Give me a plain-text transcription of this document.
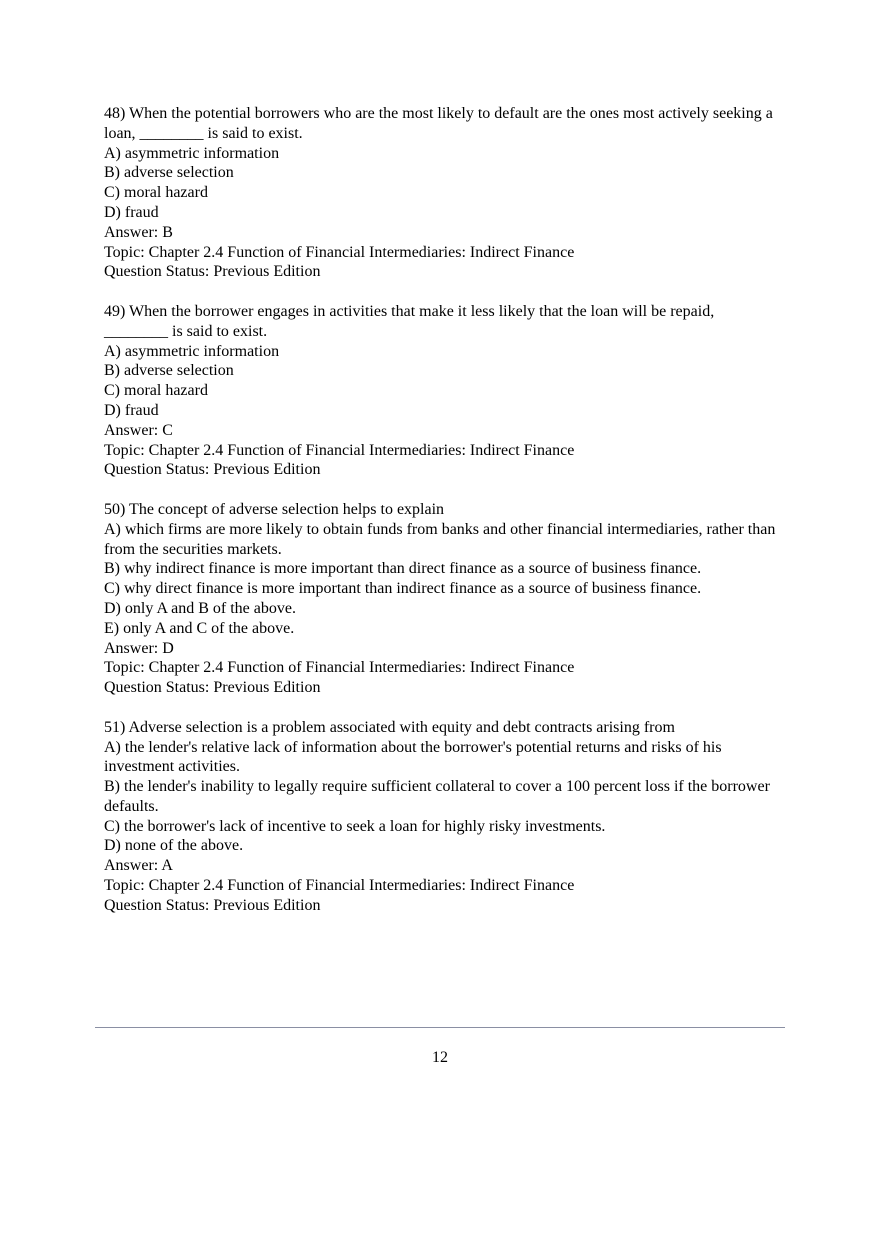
48) When the potential borrowers who are the most likely to default are the ones most actively seeking a loan, ________ is said to exist.
A) asymmetric information
B) adverse selection
C) moral hazard
D) fraud
Answer: B
Topic: Chapter 2.4 Function of Financial Intermediaries: Indirect Finance
Question Status: Previous Edition
49) When the borrower engages in activities that make it less likely that the loan will be repaid, ________ is said to exist.
A) asymmetric information
B) adverse selection
C) moral hazard
D) fraud
Answer: C
Topic: Chapter 2.4 Function of Financial Intermediaries: Indirect Finance
Question Status: Previous Edition
50) The concept of adverse selection helps to explain
A) which firms are more likely to obtain funds from banks and other financial intermediaries, rather than from the securities markets.
B) why indirect finance is more important than direct finance as a source of business finance.
C) why direct finance is more important than indirect finance as a source of business finance.
D) only A and B of the above.
E) only A and C of the above.
Answer: D
Topic: Chapter 2.4 Function of Financial Intermediaries: Indirect Finance
Question Status: Previous Edition
51) Adverse selection is a problem associated with equity and debt contracts arising from
A) the lender's relative lack of information about the borrower's potential returns and risks of his investment activities.
B) the lender's inability to legally require sufficient collateral to cover a 100 percent loss if the borrower defaults.
C) the borrower's lack of incentive to seek a loan for highly risky investments.
D) none of the above.
Answer: A
Topic: Chapter 2.4 Function of Financial Intermediaries: Indirect Finance
Question Status: Previous Edition
12
